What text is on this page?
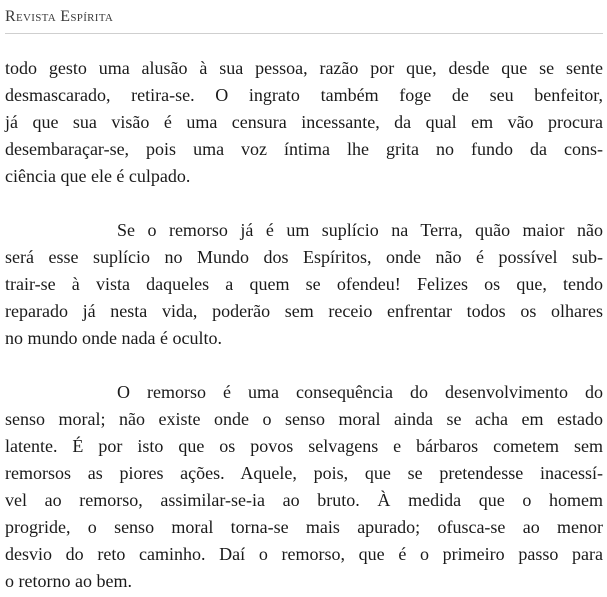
Revista Espírita
todo gesto uma alusão à sua pessoa, razão por que, desde que se sente
desmascarado, retira-se. O ingrato também foge de seu benfeitor,
já que sua visão é uma censura incessante, da qual em vão procura
desembaraçar-se, pois uma voz íntima lhe grita no fundo da cons-
ciência que ele é culpado.
Se o remorso já é um suplício na Terra, quão maior não
será esse suplício no Mundo dos Espíritos, onde não é possível sub-
trair-se à vista daqueles a quem se ofendeu! Felizes os que, tendo
reparado já nesta vida, poderão sem receio enfrentar todos os olhares
no mundo onde nada é oculto.
O remorso é uma consequência do desenvolvimento do
senso moral; não existe onde o senso moral ainda se acha em estado
latente. É por isto que os povos selvagens e bárbaros cometem sem
remorsos as piores ações. Aquele, pois, que se pretendesse inacessí-
vel ao remorso, assimilar-se-ia ao bruto. À medida que o homem
progride, o senso moral torna-se mais apurado; ofusca-se ao menor
desvio do reto caminho. Daí o remorso, que é o primeiro passo para
o retorno ao bem.
